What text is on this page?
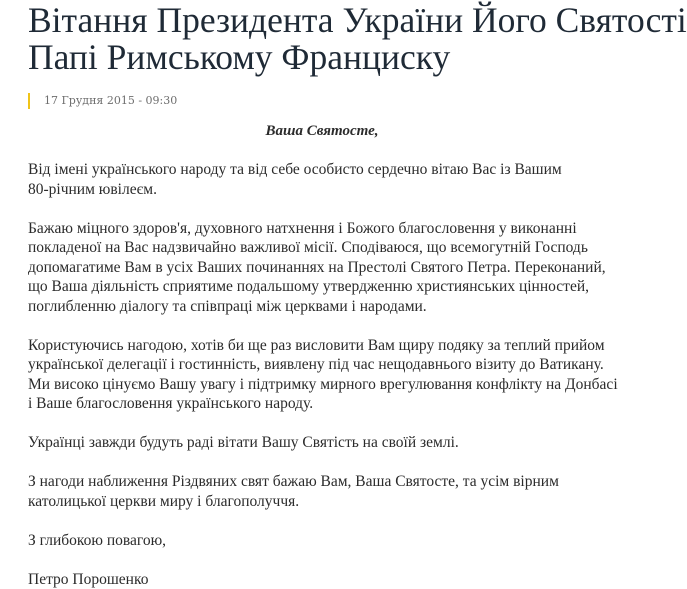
Вітання Президента України Його Святості
Папі Римському Франциску
17 Грудня 2015 - 09:30
Ваша Святосте,

Від імені українського народу та від себе особисто сердечно вітаю Вас із Вашим
80-річним ювілеєм.

Бажаю міцного здоров'я, духовного натхнення і Божого благословення у виконанні
покладеної на Вас надзвичайно важливої місії. Сподіваюся, що всемогутній Господь
допомагатиме Вам в усіх Ваших починаннях на Престолі Святого Петра. Переконаний,
що Ваша діяльність сприятиме подальшому утвердженню християнських цінностей,
поглибленню діалогу та співпраці між церквами і народами.

Користуючись нагодою, хотів би ще раз висловити Вам щиру подяку за теплий прийом
української делегації і гостинність, виявлену під час нещодавнього візиту до Ватикану.
Ми високо цінуємо Вашу увагу і підтримку мирного врегулювання конфлікту на Донбасі
і Ваше благословення українського народу.

Українці завжди будуть раді вітати Вашу Святість на своїй землі.

З нагоди наближення Різдвяних свят бажаю Вам, Ваша Святосте, та усім вірним
католицької церкви миру і благополуччя.

З глибокою повагою,

Петро Порошенко
